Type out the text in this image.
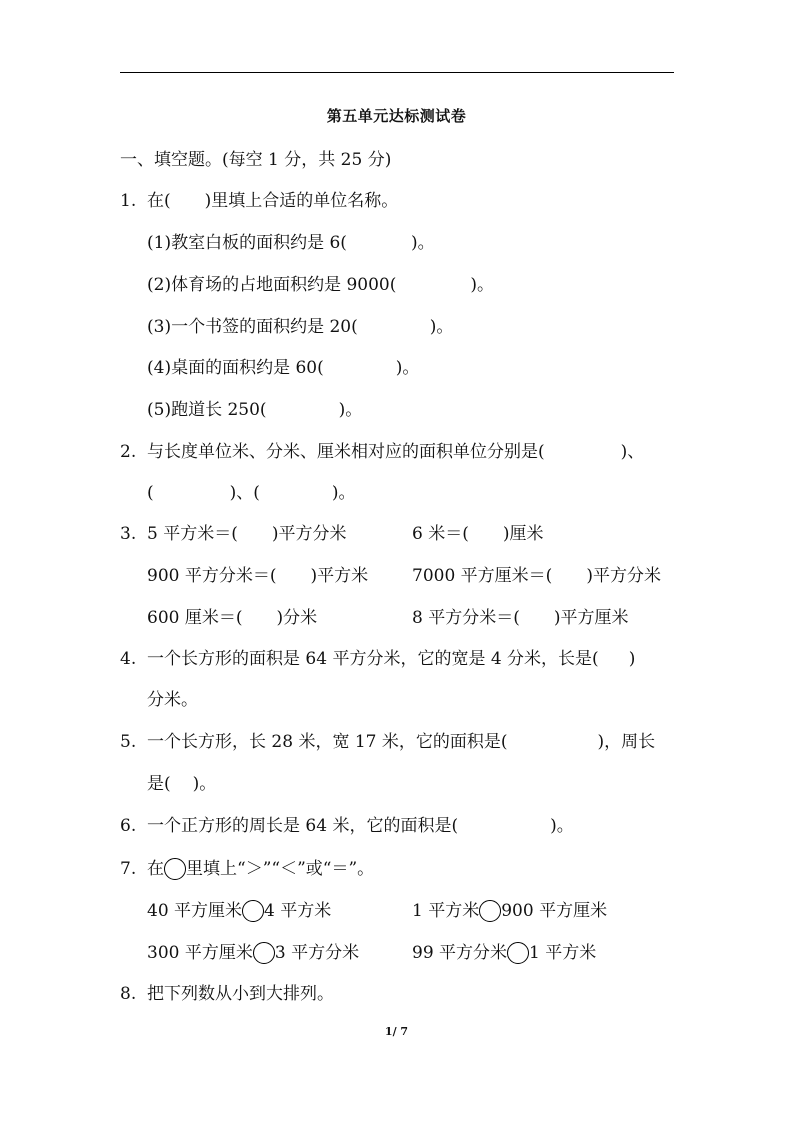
第五单元达标测试卷
一、填空题。(每空 1 分，共 25 分)
1. 在(　　)里填上合适的单位名称。
(1)教室白板的面积约是 6(	)。
(2)体育场的占地面积约是 9000(	)。
(3)一个书签的面积约是 20(	)。
(4)桌面的面积约是 60(	)。
(5)跑道长 250(	)。
2. 与长度单位米、分米、厘米相对应的面积单位分别是(	)、
(	)、(	)。
3. 5 平方米＝( )平方分米	6 米＝( )厘米
900 平方分米＝( )平方米	7000 平方厘米＝( )平方分米
600 厘米＝( )分米	8 平方分米＝( )平方厘米
4. 一个长方形的面积是 64 平方分米，它的宽是 4 分米，长是( )
分米。
5. 一个长方形，长 28 米，宽 17 米，它的面积是(	)，周长
是( )。
6. 一个正方形的周长是 64 米，它的面积是(	)。
7. 在 里填上“＞”“＜”或“＝”。
40 平方厘米 4 平方米	1 平方米 900 平方厘米
300 平方厘米 3 平方分米	99 平方分米 1 平方米
8. 把下列数从小到大排列。
1/ 7
